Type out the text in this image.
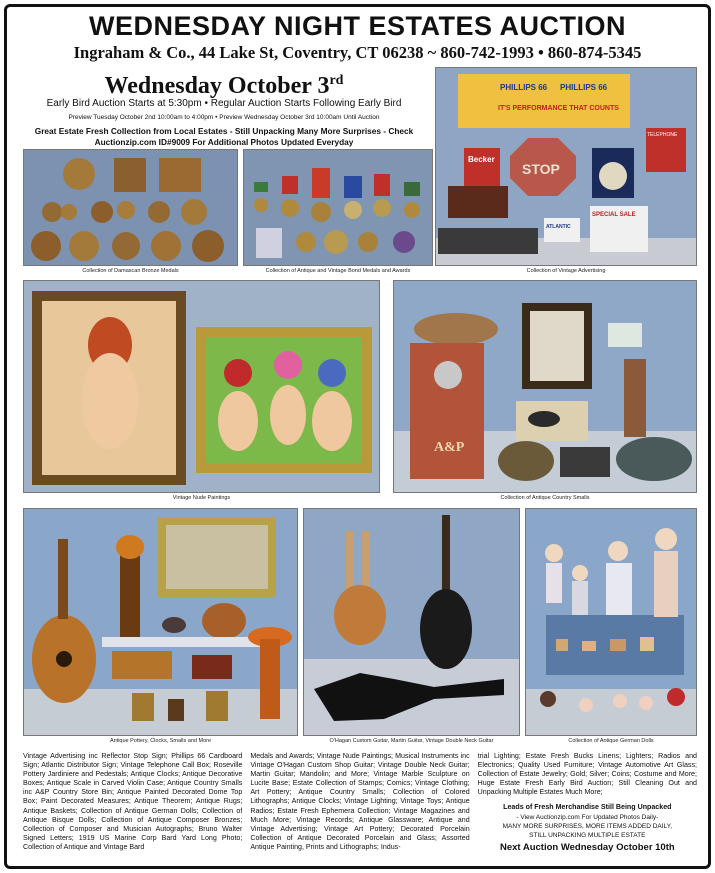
WEDNESDAY NIGHT ESTATES AUCTION
Ingraham & Co., 44 Lake St, Coventry, CT 06238 ~ 860-742-1993 • 860-874-5345
Wednesday October 3rd
Early Bird Auction Starts at 5:30pm • Regular Auction Starts Following Early Bird
Preview Tuesday October 2nd 10:00am to 4:00pm • Preview Wednesday October 3rd 10:00am Until Auction
Great Estate Fresh Collection from Local Estates - Still Unpacking Many More Surprises - Check Auctionzip.com ID#9009 For Additional Photos Updated Everyday
Collection of Damascan Bronze Medals	Collection of Antique and Vintage Bond Medals and Awards
PHILLIPS 66 PHILLIPS 66
IT'S PERFORMANCE THAT COUNTS
TELEPHONE
Becker
STOP
ATLANTIC
SPECIAL SALE
Collection of Vintage Advertising
Vintage Nude Paintings
A&P
Collection of Antique Country Smalls
Antique Pottery, Clocks, Smalls and More	O'Hagan Custom Guitar, Martin Guitar, Vintage Double Neck Guitar	Collection of Antique German Dolls
Vintage Advertising inc Reflector Stop Sign; Phillips 66 Cardboard Sign; Atlantic Distributor Sign; Vintage Telephone Call Box; Roseville Pottery Jardiniere and Pedestals; Antique Clocks; Antique Decorative Boxes; Antique Scale in Carved Violin Case; Antique Country Smalls inc A&P Country Store Bin; Antique Painted Decorated Dome Top Box; Paint Decorated Measures; Antique Theorem; Antique Rugs; Antique Baskets; Collection of Antique German Dolls; Collection of Antique Bisque Dolls; Collection of Antique Composer Bronzes; Collection of Composer and Musician Autographs; Bruno Walter Signed Letters; 1919 US Marine Corp Bard Yard Long Photo; Collection of Antique and Vintage Bard
Medals and Awards; Vintage Nude Paintings; Musical Instruments inc Vintage O'Hagan Custom Shop Guitar; Vintage Double Neck Guitar; Martin Guitar; Mandolin; and More; Vintage Marble Sculpture on Lucite Base; Estate Collection of Stamps; Comics; Vintage Clothing; Art Pottery; Antique Country Smalls; Collection of Colored Lithographs; Antique Clocks; Vintage Lighting; Vintage Toys; Antique Radios; Estate Fresh Ephemera Collection; Vintage Magazines and Much More; Vintage Records; Antique Glassware; Antique and Vintage Advertising; Vintage Art Pottery; Decorated Porcelain Collection of Antique Decorated Porcelain and Glass; Assorted Antique Painting, Prints and Lithographs; Indus-
trial Lighting; Estate Fresh Bucks Linens; Lighters; Radios and Electronics; Quality Used Furniture; Vintage Automotive Art Glass; Collection of Estate Jewelry; Gold; Silver; Coins; Costume and More; Huge Estate Fresh Early Bird Auction; Still Cleaning Out and Unpacking Multiple Estates Much More;
Leads of Fresh Merchandise Still Being Unpacked
- View Auctionzip.com For Updated Photos Daily-
MANY MORE SURPRISES, MORE ITEMS ADDED DAILY,
STILL UNPACKING MULTIPLE ESTATE
Next Auction Wednesday October 10th
